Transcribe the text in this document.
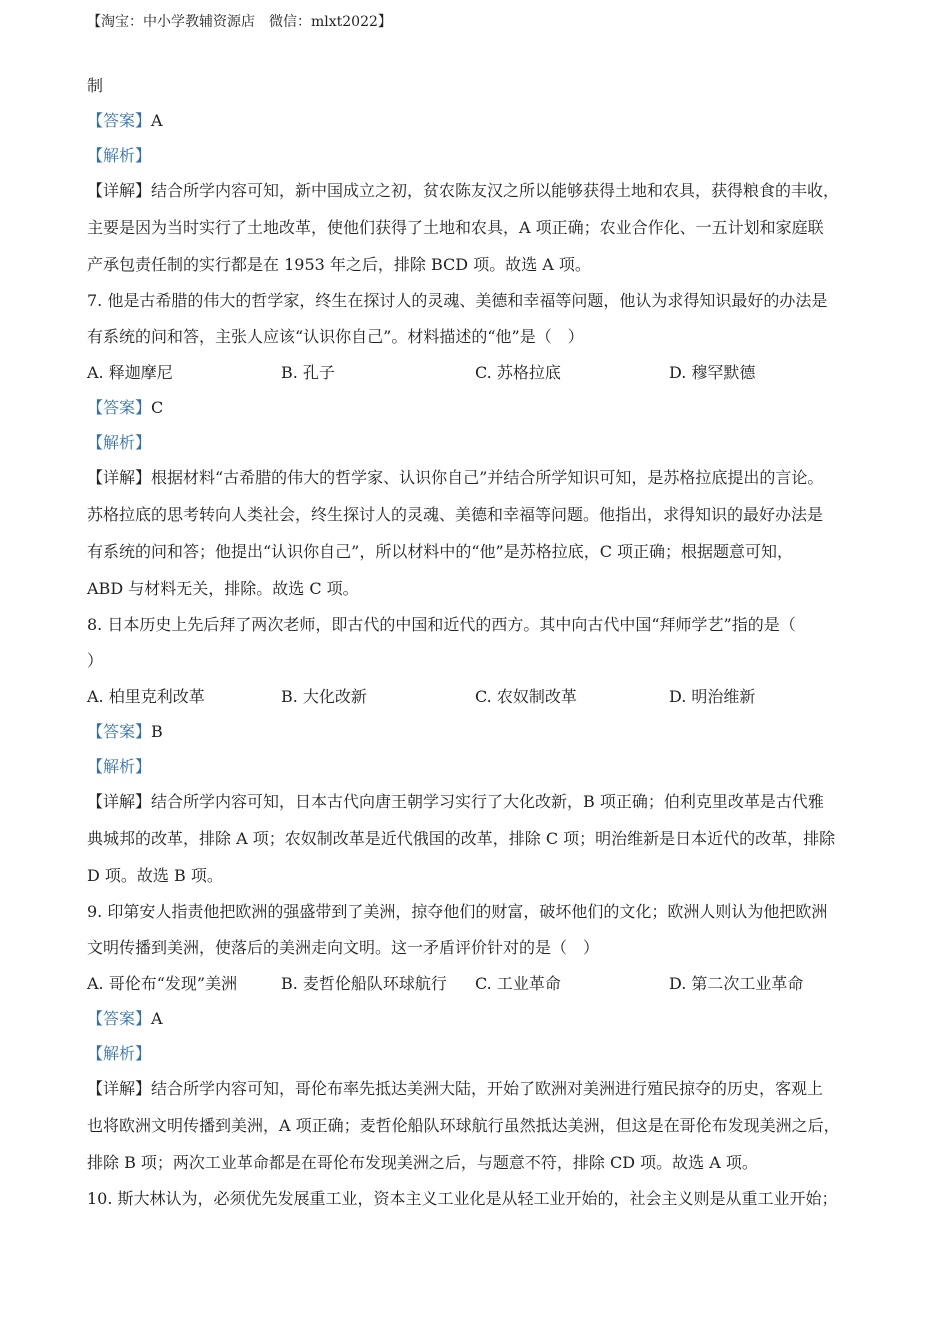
【淘宝：中小学教辅资源店　微信：mlxt2022】
制
【答案】A
【解析】
【详解】结合所学内容可知，新中国成立之初，贫农陈友汉之所以能够获得土地和农具，获得粮食的丰收，
主要是因为当时实行了土地改革，使他们获得了土地和农具，A 项正确；农业合作化、一五计划和家庭联
产承包责任制的实行都是在 1953 年之后，排除 BCD 项。故选 A 项。
7. 他是古希腊的伟大的哲学家，终生在探讨人的灵魂、美德和幸福等问题，他认为求得知识最好的办法是
有系统的问和答，主张人应该“认识你自己”。材料描述的“他”是（　）
A. 释迦摩尼	B. 孔子	C. 苏格拉底	D. 穆罕默德
【答案】C
【解析】
【详解】根据材料“古希腊的伟大的哲学家、认识你自己”并结合所学知识可知，是苏格拉底提出的言论。
苏格拉底的思考转向人类社会，终生探讨人的灵魂、美德和幸福等问题。他指出，求得知识的最好办法是
有系统的问和答；他提出“认识你自己”，所以材料中的“他”是苏格拉底，C 项正确；根据题意可知，
ABD 与材料无关，排除。故选 C 项。
8. 日本历史上先后拜了两次老师，即古代的中国和近代的西方。其中向古代中国“拜师学艺”指的是（
）
A. 柏里克利改革	B. 大化改新	C. 农奴制改革	D. 明治维新
【答案】B
【解析】
【详解】结合所学内容可知，日本古代向唐王朝学习实行了大化改新，B 项正确；伯利克里改革是古代雅
典城邦的改革，排除 A 项；农奴制改革是近代俄国的改革，排除 C 项；明治维新是日本近代的改革，排除
D 项。故选 B 项。
9. 印第安人指责他把欧洲的强盛带到了美洲，掠夺他们的财富，破坏他们的文化；欧洲人则认为他把欧洲
文明传播到美洲，使落后的美洲走向文明。这一矛盾评价针对的是（　）
A. 哥伦布“发现”美洲	B. 麦哲伦船队环球航行 C. 工业革命	D. 第二次工业革命
【答案】A
【解析】
【详解】结合所学内容可知，哥伦布率先抵达美洲大陆，开始了欧洲对美洲进行殖民掠夺的历史，客观上
也将欧洲文明传播到美洲，A 项正确；麦哲伦船队环球航行虽然抵达美洲，但这是在哥伦布发现美洲之后，
排除 B 项；两次工业革命都是在哥伦布发现美洲之后，与题意不符，排除 CD 项。故选 A 项。
10. 斯大林认为，必须优先发展重工业，资本主义工业化是从轻工业开始的，社会主义则是从重工业开始；
